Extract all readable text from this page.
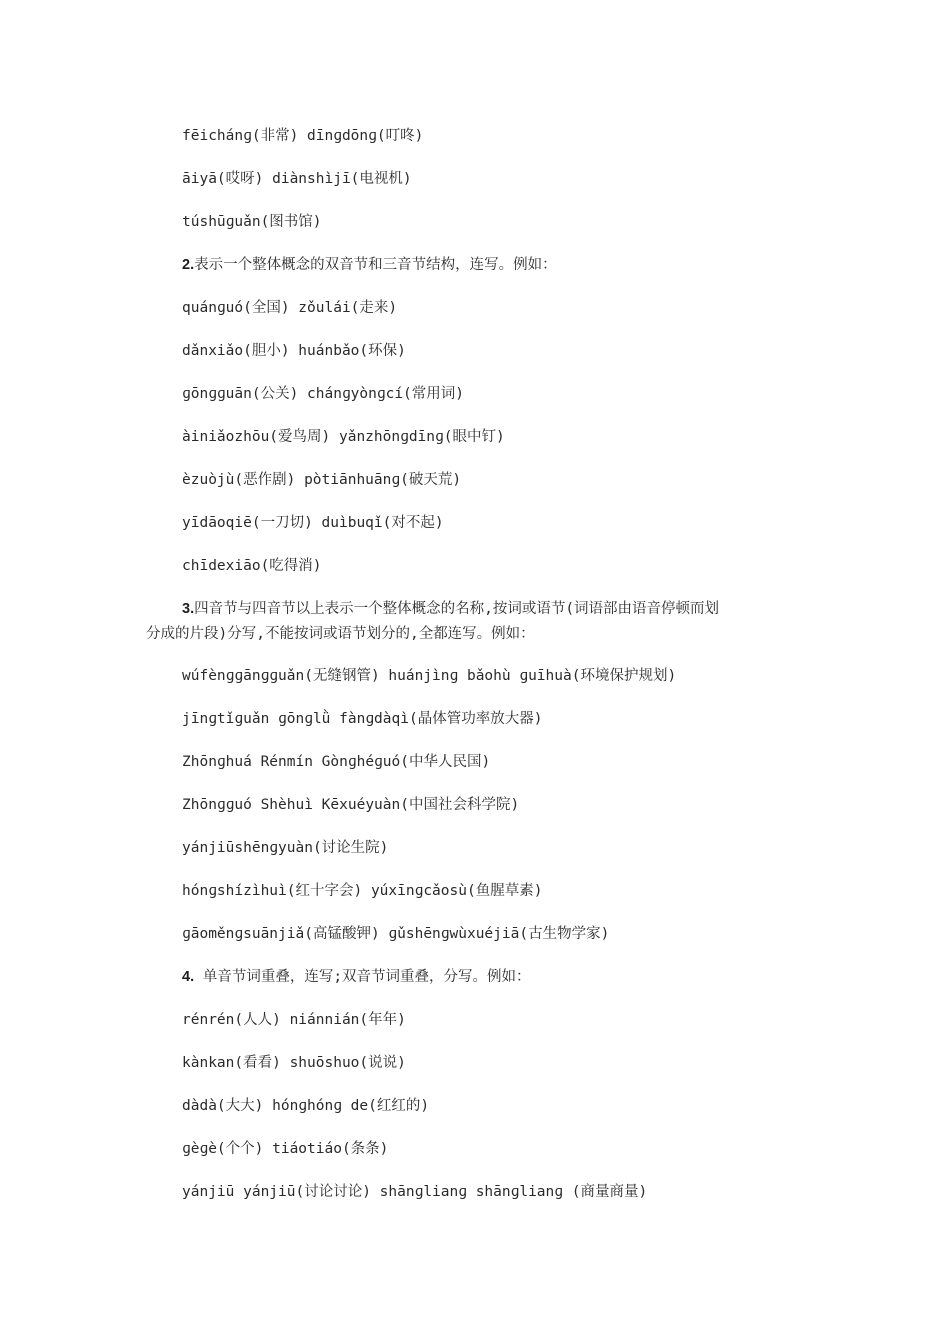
fēichánɡ(非常) dīnɡdōnɡ(叮咚)
āiyā(哎呀) diànshìjī(电视机)
túshūɡuǎn(图书馆)
2.表示一个整体概念的双音节和三音节结构，连写。例如：
quánɡuó(全国) zǒulái(走来)
dǎnxiǎo(胆小) huánbǎo(环保)
ɡōnɡɡuān(公关) chánɡyònɡcí(常用词)
àiniǎozhōu(爱鸟周) yǎnzhōnɡdīnɡ(眼中钉)
èzuòjù(恶作剧) pòtiānhuānɡ(破天荒)
yīdāoqiē(一刀切) duìbuqǐ(对不起)
chīdexiāo(吃得消)
3.四音节与四音节以上表示一个整体概念的名称,按词或语节(词语部由语音停顿而划
分成的片段)分写,不能按词或语节划分的,全都连写。例如：
wúfènɡɡānɡɡuǎn(无缝钢管) huánjìnɡ bǎohù ɡuīhuà(环境保护规划)
jīnɡtǐɡuǎn ɡōnɡlǜ fànɡdàqì(晶体管功率放大器)
Zhōnɡhuá Rénmín Gònɡhéɡuó(中华人民国)
Zhōnɡɡuó Shèhuì Kēxuéyuàn(中国社会科学院)
yánjiūshēnɡyuàn(讨论生院)
hónɡshízìhuì(红十字会) yúxīnɡcǎosù(鱼腥草素)
ɡāoměnɡsuānjiǎ(高锰酸钾) ɡǔshēnɡwùxuéjiā(古生物学家)
4. 单音节词重叠，连写;双音节词重叠，分写。例如：
rénrén(人人) niánnián(年年)
kànkan(看看) shuōshuo(说说)
dàdà(大大) hónɡhónɡ de(红红的)
ɡèɡè(个个) tiáotiáo(条条)
yánjiū yánjiū(讨论讨论) shānɡlianɡ shānɡlianɡ (商量商量)
